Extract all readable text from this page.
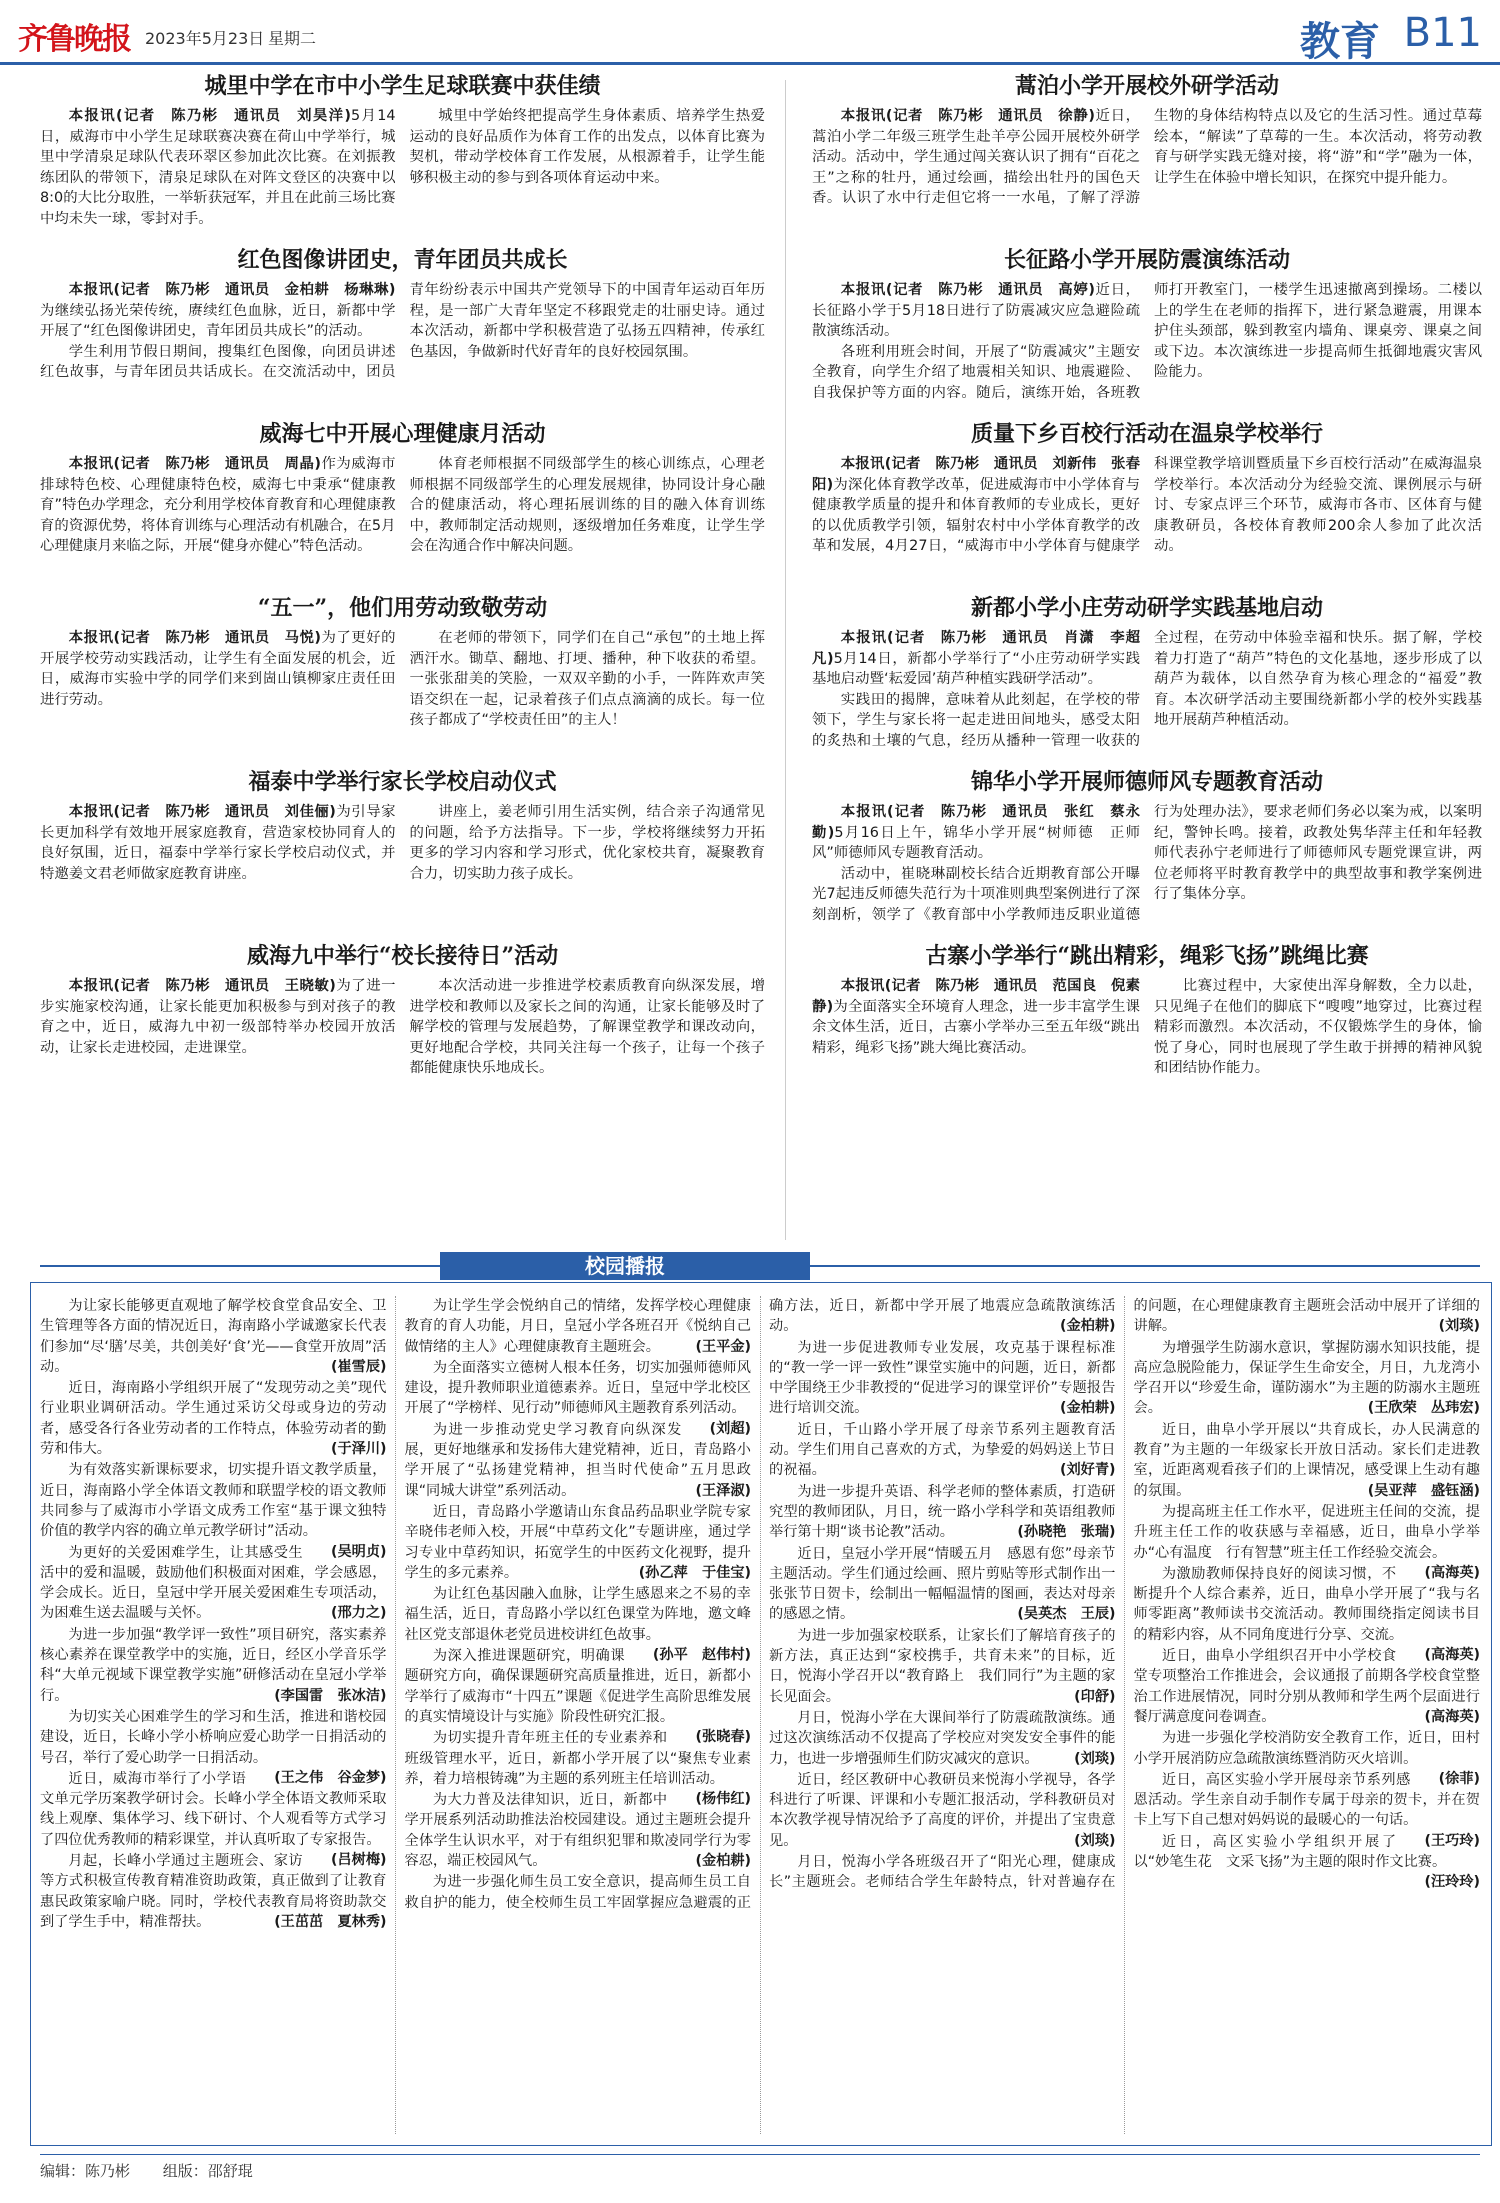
齐鲁晚报 2023年5月23日 星期二	教育 B11
城里中学在市中小学生足球联赛中获佳绩

本报讯(记者　陈乃彬　通讯员　刘昊洋)5月14日，威海市中小学生足球联赛决赛在荷山中学举行，城里中学清泉足球队代表环翠区参加此次比赛。在刘振教练团队的带领下，清泉足球队在对阵文登区的决赛中以8:0的大比分取胜，一举斩获冠军，并且在此前三场比赛中均未失一球，零封对手。

城里中学始终把提高学生身体素质、培养学生热爱运动的良好品质作为体育工作的出发点，以体育比赛为契机，带动学校体育工作发展，从根源着手，让学生能够积极主动的参与到各项体育运动中来。

红色图像讲团史，青年团员共成长

本报讯(记者　陈乃彬　通讯员　金柏耕　杨琳琳)为继续弘扬光荣传统，赓续红色血脉，近日，新都中学开展了“红色图像讲团史，青年团员共成长”的活动。

学生利用节假日期间，搜集红色图像，向团员讲述红色故事，与青年团员共话成长。在交流活动中，团员青年纷纷表示中国共产党领导下的中国青年运动百年历程，是一部广大青年坚定不移跟党走的壮丽史诗。通过本次活动，新都中学积极营造了弘扬五四精神，传承红色基因，争做新时代好青年的良好校园氛围。

威海七中开展心理健康月活动

本报讯(记者　陈乃彬　通讯员　周晶)作为威海市排球特色校、心理健康特色校，威海七中秉承“健康教育”特色办学理念，充分利用学校体育教育和心理健康教育的资源优势，将体育训练与心理活动有机融合，在5月心理健康月来临之际，开展“健身亦健心”特色活动。

体育老师根据不同级部学生的核心训练点，心理老师根据不同级部学生的心理发展规律，协同设计身心融合的健康活动，将心理拓展训练的目的融入体育训练中，教师制定活动规则，逐级增加任务难度，让学生学会在沟通合作中解决问题。

“五一”，他们用劳动致敬劳动

本报讯(记者　陈乃彬　通讯员　马悦)为了更好的开展学校劳动实践活动，让学生有全面发展的机会，近日，威海市实验中学的同学们来到崮山镇柳家庄责任田进行劳动。

在老师的带领下，同学们在自己“承包”的土地上挥洒汗水。锄草、翻地、打埂、播种，种下收获的希望。一张张甜美的笑脸，一双双辛勤的小手，一阵阵欢声笑语交织在一起，记录着孩子们点点滴滴的成长。每一位孩子都成了“学校责任田”的主人！

福泰中学举行家长学校启动仪式

本报讯(记者　陈乃彬　通讯员　刘佳俪)为引导家长更加科学有效地开展家庭教育，营造家校协同育人的良好氛围，近日，福泰中学举行家长学校启动仪式，并特邀姜文君老师做家庭教育讲座。

讲座上，姜老师引用生活实例，结合亲子沟通常见的问题，给予方法指导。下一步，学校将继续努力开拓更多的学习内容和学习形式，优化家校共育，凝聚教育合力，切实助力孩子成长。

威海九中举行“校长接待日”活动

本报讯(记者　陈乃彬　通讯员　王晓敏)为了进一步实施家校沟通，让家长能更加积极参与到对孩子的教育之中，近日，威海九中初一级部特举办校园开放活动，让家长走进校园，走进课堂。

本次活动进一步推进学校素质教育向纵深发展，增进学校和教师以及家长之间的沟通，让家长能够及时了解学校的管理与发展趋势，了解课堂教学和课改动向，更好地配合学校，共同关注每一个孩子，让每一个孩子都能健康快乐地成长。

蒿泊小学开展校外研学活动

本报讯(记者　陈乃彬　通讯员　徐静)近日，蒿泊小学二年级三班学生赴羊亭公园开展校外研学活动。活动中，学生通过闯关赛认识了拥有“百花之王”之称的牡丹，通过绘画，描绘出牡丹的国色天香。认识了水中行走但它将一一水黾，了解了浮游生物的身体结构特点以及它的生活习性。通过草莓绘本，“解读”了草莓的一生。本次活动，将劳动教育与研学实践无缝对接，将“游”和“学”融为一体，让学生在体验中增长知识，在探究中提升能力。

长征路小学开展防震演练活动

本报讯(记者　陈乃彬　通讯员　高婷)近日，长征路小学于5月18日进行了防震减灾应急避险疏散演练活动。

各班利用班会时间，开展了“防震减灾”主题安全教育，向学生介绍了地震相关知识、地震避险、自我保护等方面的内容。随后，演练开始，各班教师打开教室门，一楼学生迅速撤离到操场。二楼以上的学生在老师的指挥下，进行紧急避震，用课本护住头颈部，躲到教室内墙角、课桌旁、课桌之间或下边。本次演练进一步提高师生抵御地震灾害风险能力。

质量下乡百校行活动在温泉学校举行

本报讯(记者　陈乃彬　通讯员　刘新伟　张春阳)为深化体育教学改革，促进威海市中小学体育与健康教学质量的提升和体育教师的专业成长，更好的以优质教学引领，辐射农村中小学体育教学的改革和发展，4月27日，“威海市中小学体育与健康学科课堂教学培训暨质量下乡百校行活动”在威海温泉学校举行。本次活动分为经验交流、课例展示与研讨、专家点评三个环节，威海市各市、区体育与健康教研员，各校体育教师200余人参加了此次活动。

新都小学小庄劳动研学实践基地启动

本报讯(记者　陈乃彬　通讯员　肖潇　李超凡)5月14日，新都小学举行了“小庄劳动研学实践基地启动暨‘耘爱园’葫芦种植实践研学活动”。

实践田的揭牌，意味着从此刻起，在学校的带领下，学生与家长将一起走进田间地头，感受太阳的炙热和土壤的气息，经历从播种一管理一收获的全过程，在劳动中体验幸福和快乐。据了解，学校着力打造了“葫芦”特色的文化基地，逐步形成了以葫芦为载体，以自然孕育为核心理念的“福爱”教育。本次研学活动主要围绕新都小学的校外实践基地开展葫芦种植活动。

锦华小学开展师德师风专题教育活动

本报讯(记者　陈乃彬　通讯员　张红　蔡永勤)5月16日上午，锦华小学开展“树师德　正师风”师德师风专题教育活动。

活动中，崔晓琳副校长结合近期教育部公开曝光7起违反师德失范行为十项准则典型案例进行了深刻剖析，领学了《教育部中小学教师违反职业道德行为处理办法》，要求老师们务必以案为戒，以案明纪，警钟长鸣。接着，政教处隽华萍主任和年轻教师代表孙宁老师进行了师德师风专题党课宣讲，两位老师将平时教育教学中的典型故事和教学案例进行了集体分享。

古寨小学举行“跳出精彩，绳彩飞扬”跳绳比赛

本报讯(记者　陈乃彬　通讯员　范国良　倪素静)为全面落实全环境育人理念，进一步丰富学生课余文体生活，近日，古寨小学举办三至五年级“跳出精彩，绳彩飞扬”跳大绳比赛活动。

比赛过程中，大家使出浑身解数，全力以赴，只见绳子在他们的脚底下“嗖嗖”地穿过，比赛过程精彩而激烈。本次活动，不仅锻炼学生的身体，愉悦了身心，同时也展现了学生敢于拼搏的精神风貌和团结协作能力。

校园播报

为让家长能够更直观地了解学校食堂食品安全、卫生管理等各方面的情况近日，海南路小学诚邀家长代表们参加“尽‘膳’尽美，共创美好‘食’光——食堂开放周”活动。	(崔雪辰)

近日，海南路小学组织开展了“发现劳动之美”现代行业职业调研活动。学生通过采访父母或身边的劳动者，感受各行各业劳动者的工作特点，体验劳动者的勤劳和伟大。	(于泽川)

为有效落实新课标要求，切实提升语文教学质量，近日，海南路小学全体语文教师和联盟学校的语文教师共同参与了威海市小学语文成秀工作室“基于课文独特价值的教学内容的确立单元教学研讨”活动。
(吴明贞)

为更好的关爱困难学生，让其感受生活中的爱和温暖，鼓励他们积极面对困难，学会感恩，学会成长。近日，皇冠中学开展关爱困难生专项活动，为困难生送去温暖与关怀。	(邢力之)

为进一步加强“教学评一致性”项目研究，落实素养核心素养在课堂教学中的实施，近日，经区小学音乐学科“大单元视域下课堂教学实施”研修活动在皇冠小学举行。	(李国雷　张冰洁)

为切实关心困难学生的学习和生活，推进和谐校园建设，近日，长峰小学小桥响应爱心助学一日捐活动的号召，举行了爱心助学一日捐活动。
(王之伟　谷金梦)

近日，威海市举行了小学语文单元学历案教学研讨会。长峰小学全体语文教师采取线上观摩、集体学习、线下研讨、个人观看等方式学习了四位优秀教师的精彩课堂，并认真听取了专家报告。
(吕树梅)

月起，长峰小学通过主题班会、家访等方式积极宣传教育精准资助政策，真正做到了让教育惠民政策家喻户晓。同时，学校代表教育局将资助款交到了学生手中，精准帮扶。	(王茁茁　夏林秀)

为让学生学会悦纳自己的情绪，发挥学校心理健康教育的育人功能，月日，皇冠小学各班召开《悦纳自己　做情绪的主人》心理健康教育主题班会。	(王平金)

为全面落实立德树人根本任务，切实加强师德师风建设，提升教师职业道德素养。近日，皇冠中学北校区开展了“学榜样、见行动”师德师风主题教育系列活动。
(刘超)

为进一步推动党史学习教育向纵深发展，更好地继承和发扬伟大建党精神，近日，青岛路小学开展了“弘扬建党精神，担当时代使命”五月思政课“同城大讲堂”系列活动。	(王泽淑)

近日，青岛路小学邀请山东食品药品职业学院专家辛晓伟老师入校，开展“中草药文化”专题讲座，通过学习专业中草药知识，拓宽学生的中医药文化视野，提升学生的多元素养。	(孙乙萍　于佳宝)

为让红色基因融入血脉，让学生感恩来之不易的幸福生活，近日，青岛路小学以红色课堂为阵地，邀文峰社区党支部退休老党员进校讲红色故事。
(孙平　赵伟村)

为深入推进课题研究，明确课题研究方向，确保课题研究高质量推进，近日，新都小学举行了威海市“十四五”课题《促进学生高阶思维发展的真实情境设计与实施》阶段性研究汇报。
(张晓春)

为切实提升青年班主任的专业素养和班级管理水平，近日，新都小学开展了以“聚焦专业素养，着力培根铸魂”为主题的系列班主任培训活动。
(杨伟红)

为大力普及法律知识，近日，新都中学开展系列活动助推法治校园建设。通过主题班会提升全体学生认识水平，对于有组织犯罪和欺凌同学行为零容忍，端正校园风气。	(金柏耕)

为进一步强化师生员工安全意识，提高师生员工自救自护的能力，使全校师生员工牢固掌握应急避震的正确方法，近日，新都中学开展了地震应急疏散演练活动。	(金柏耕)

为进一步促进教师专业发展，攻克基于课程标准的“教一学一评一致性”课堂实施中的问题，近日，新都中学围绕王少非教授的“促进学习的课堂评价”专题报告进行培训交流。	(金柏耕)

近日，千山路小学开展了母亲节系列主题教育活动。学生们用自己喜欢的方式，为挚爱的妈妈送上节日的祝福。	(刘好青)

为进一步提升英语、科学老师的整体素质，打造研究型的教师团队，月日，统一路小学科学和英语组教师举行第十期“谈书论教”活动。	(孙晓艳　张瑞)

近日，皇冠小学开展“情暖五月　感恩有您”母亲节主题活动。学生们通过绘画、照片剪贴等形式制作出一张张节日贺卡，绘制出一幅幅温情的图画，表达对母亲的感恩之情。	(吴英杰　王辰)

为进一步加强家校联系，让家长们了解培育孩子的新方法，真正达到“家校携手，共育未来”的目标，近日，悦海小学召开以“教育路上　我们同行”为主题的家长见面会。	(印舒)

月日，悦海小学在大课间举行了防震疏散演练。通过这次演练活动不仅提高了学校应对突发安全事件的能力，也进一步增强师生们防灾减灾的意识。	(刘琰)

近日，经区教研中心教研员来悦海小学视导，各学科进行了听课、评课和小专题汇报活动，学科教研员对本次教学视导情况给予了高度的评价，并提出了宝贵意见。	(刘琰)

月日，悦海小学各班级召开了“阳光心理，健康成长”主题班会。老师结合学生年龄特点，针对普遍存在的问题，在心理健康教育主题班会活动中展开了详细的讲解。	(刘琰)

为增强学生防溺水意识，掌握防溺水知识技能，提高应急脱险能力，保证学生生命安全，月日，九龙湾小学召开以“珍爱生命，谨防溺水”为主题的防溺水主题班会。	(王欣荣　丛玮宏)

近日，曲阜小学开展以“共育成长，办人民满意的教育”为主题的一年级家长开放日活动。家长们走进教室，近距离观看孩子们的上课情况，感受课上生动有趣的氛围。	(吴亚萍　盛钰涵)

为提高班主任工作水平，促进班主任间的交流，提升班主任工作的收获感与幸福感，近日，曲阜小学举办“心有温度　行有智慧”班主任工作经验交流会。
(高海英)

为激励教师保持良好的阅读习惯，不断提升个人综合素养，近日，曲阜小学开展了“我与名师零距离”教师读书交流活动。教师围绕指定阅读书目的精彩内容，从不同角度进行分享、交流。
(高海英)

近日，曲阜小学组织召开中小学校食堂专项整治工作推进会，会议通报了前期各学校食堂整治工作进展情况，同时分别从教师和学生两个层面进行餐厅满意度问卷调查。	(高海英)

为进一步强化学校消防安全教育工作，近日，田村小学开展消防应急疏散演练暨消防灭火培训。
(徐菲)

近日，高区实验小学开展母亲节系列感恩活动。学生亲自动手制作专属于母亲的贺卡，并在贺卡上写下自己想对妈妈说的最暖心的一句话。
(王巧玲)

近日，高区实验小学组织开展了以“妙笔生花　文采飞扬”为主题的限时作文比赛。
(汪玲玲)

编辑：陈乃彬 组版：邵舒琨
